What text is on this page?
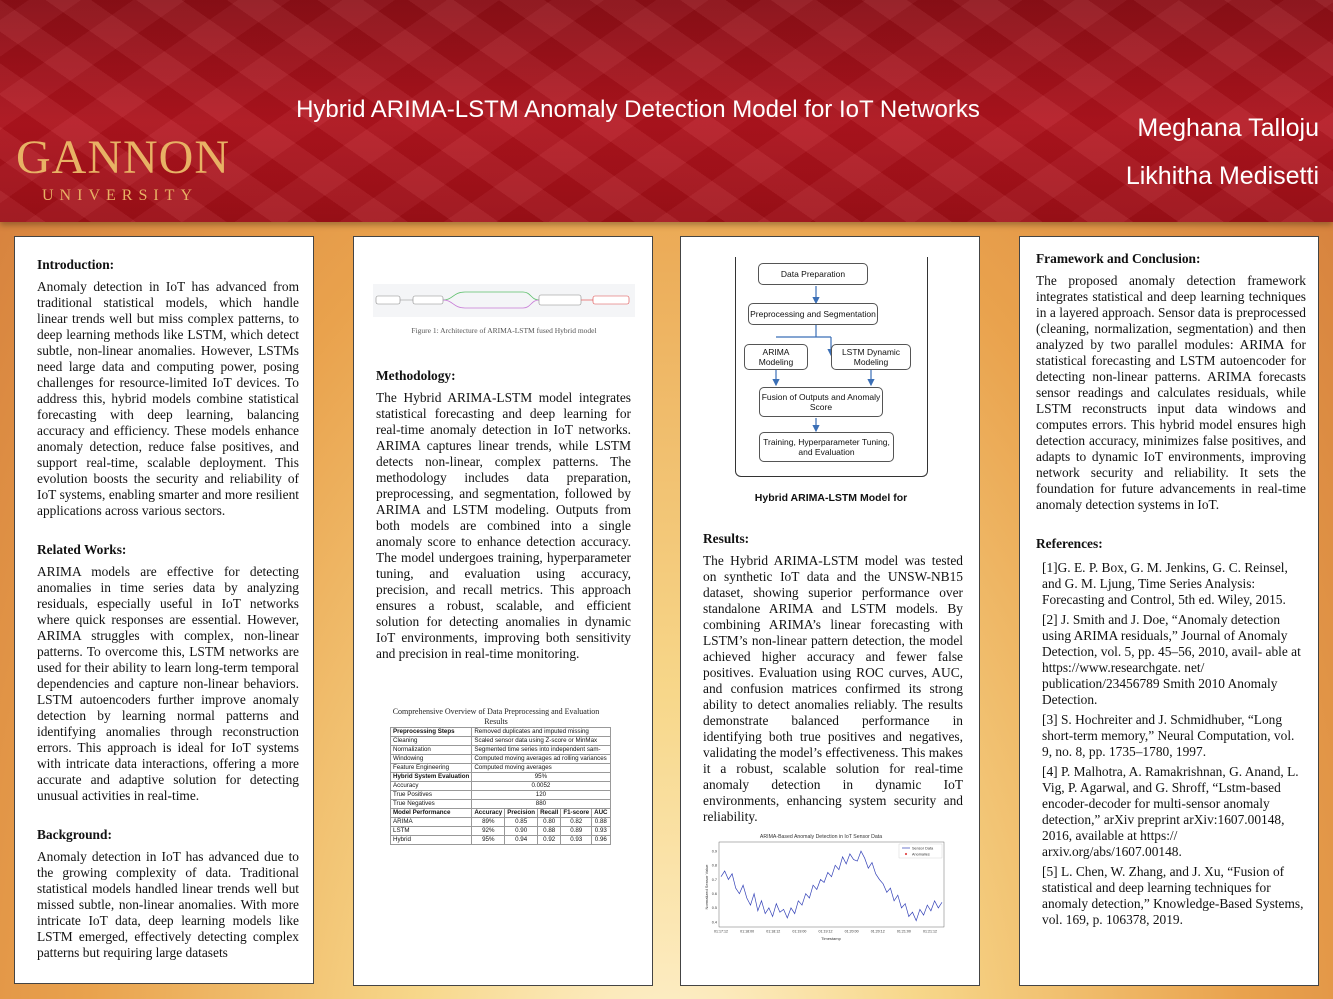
Hybrid ARIMA-LSTM Anomaly Detection Model for IoT Networks
GANNON
UNIVERSITY
Meghana Talloju
Likhitha Medisetti
Introduction:
Anomaly detection in IoT has advanced from traditional statistical models, which handle linear trends well but miss complex patterns, to deep learning methods like LSTM, which detect subtle, non-linear anomalies. However, LSTMs need large data and computing power, posing challenges for resource-limited IoT devices. To address this, hybrid models combine statistical forecasting with deep learning, balancing accuracy and efficiency. These models enhance anomaly detection, reduce false positives, and support real-time, scalable deployment. This evolution boosts the security and reliability of IoT systems, enabling smarter and more resilient applications across various sectors.
Related Works:
ARIMA models are effective for detecting anomalies in time series data by analyzing residuals, especially useful in IoT networks where quick responses are essential. However, ARIMA struggles with complex, non-linear patterns. To overcome this, LSTM networks are used for their ability to learn long-term temporal dependencies and capture non-linear behaviors. LSTM autoencoders further improve anomaly detection by learning normal patterns and identifying anomalies through reconstruction errors. This approach is ideal for IoT systems with intricate data interactions, offering a more accurate and adaptive solution for detecting unusual activities in real-time.
Background:
Anomaly detection in IoT has advanced due to the growing complexity of data. Traditional statistical models handled linear trends well but missed subtle, non-linear anomalies. With more intricate IoT data, deep learning models like LSTM emerged, effectively detecting complex patterns but requiring large datasets
Figure 1: Architecture of ARIMA-LSTM fused Hybrid model
Methodology:
The Hybrid ARIMA-LSTM model integrates statistical forecasting and deep learning for real-time anomaly detection in IoT networks. ARIMA captures linear trends, while LSTM detects non-linear, complex patterns. The methodology includes data preparation, preprocessing, and segmentation, followed by ARIMA and LSTM modeling. Outputs from both models are combined into a single anomaly score to enhance detection accuracy. The model undergoes training, hyperparameter tuning, and evaluation using accuracy, precision, and recall metrics. This approach ensures a robust, scalable, and efficient solution for detecting anomalies in dynamic IoT environments, improving both sensitivity and precision in real-time monitoring.
Comprehensive Overview of Data Preprocessing and Evaluation Results
Preprocessing Steps	Removed duplicates and imputed missing				
Cleaning	Scaled sensor data using Z-score or MinMax				
Normalization	Segmented time series into independent sam-				
Windowing	Computed moving averages ad rolling variances				
Feature Engineering	Computed moving averages				
Hybrid System Evaluation	95%				
Accuracy	0.0052				
True Positives	120				
True Negatives	880				
Model Performance	Accuracy	Precision	Recall	F1-score	AUC
ARIMA	89%	0.85	0.80	0.82	0.88
LSTM	92%	0.90	0.88	0.89	0.93
Hybrid	95%	0.94	0.92	0.93	0.96
Data Preparation
Preprocessing and Segmentation
ARIMA Modeling
LSTM Dynamic Modeling
Fusion of Outputs and Anomaly Score
Training, Hyperparameter Tuning, and Evaluation
Hybrid ARIMA-LSTM Model for
Results:
The Hybrid ARIMA-LSTM model was tested on synthetic IoT data and the UNSW-NB15 dataset, showing superior performance over standalone ARIMA and LSTM models. By combining ARIMA’s linear forecasting with LSTM’s non-linear pattern detection, the model achieved higher accuracy and fewer false positives. Evaluation using ROC curves, AUC, and confusion matrices confirmed its strong ability to detect anomalies reliably. The results demonstrate balanced performance in identifying both true positives and negatives, validating the model’s effectiveness. This makes it a robust, scalable solution for real-time anomaly detection in dynamic IoT environments, enhancing system security and reliability.
ARIMA-Based Anomaly Detection in IoT Sensor Data
0.9
0.8
0.7
0.6
0.5
0.4
01:17:12	01:18:00	01:18:12	01:19:00	01:19:12	01:20:00	01:20:12	01:21:00	01:21:12
Normalized Sensor Value
Timestamp
Sensor Data
Anomalies
Framework and Conclusion:
The proposed anomaly detection framework integrates statistical and deep learning techniques in a layered approach. Sensor data is preprocessed (cleaning, normalization, segmentation) and then analyzed by two parallel modules: ARIMA for statistical forecasting and LSTM autoencoder for detecting non-linear patterns. ARIMA forecasts sensor readings and calculates residuals, while LSTM reconstructs input data windows and computes errors. This hybrid model ensures high detection accuracy, minimizes false positives, and adapts to dynamic IoT environments, improving network security and reliability. It sets the foundation for future advancements in real-time anomaly detection systems in IoT.
References:
[1]G. E. P. Box, G. M. Jenkins, G. C. Reinsel, and G. M. Ljung, Time Series Analysis: Forecasting and Control, 5th ed. Wiley, 2015.
[2] J. Smith and J. Doe, “Anomaly detection using ARIMA residuals,” Journal of Anomaly Detection, vol. 5, pp. 45–56, 2010, avail- able at https://www.researchgate. net/ publication/23456789 Smith 2010 Anomaly Detection.
[3] S. Hochreiter and J. Schmidhuber, “Long short-term memory,” Neural Computation, vol. 9, no. 8, pp. 1735–1780, 1997.
[4] P. Malhotra, A. Ramakrishnan, G. Anand, L. Vig, P. Agarwal, and G. Shroff, “Lstm-based encoder-decoder for multi-sensor anomaly detection,” arXiv preprint arXiv:1607.00148, 2016, available at https:// arxiv.org/abs/1607.00148.
[5] L. Chen, W. Zhang, and J. Xu, “Fusion of statistical and deep learning techniques for anomaly detection,” Knowledge-Based Systems, vol. 169, p. 106378, 2019.
